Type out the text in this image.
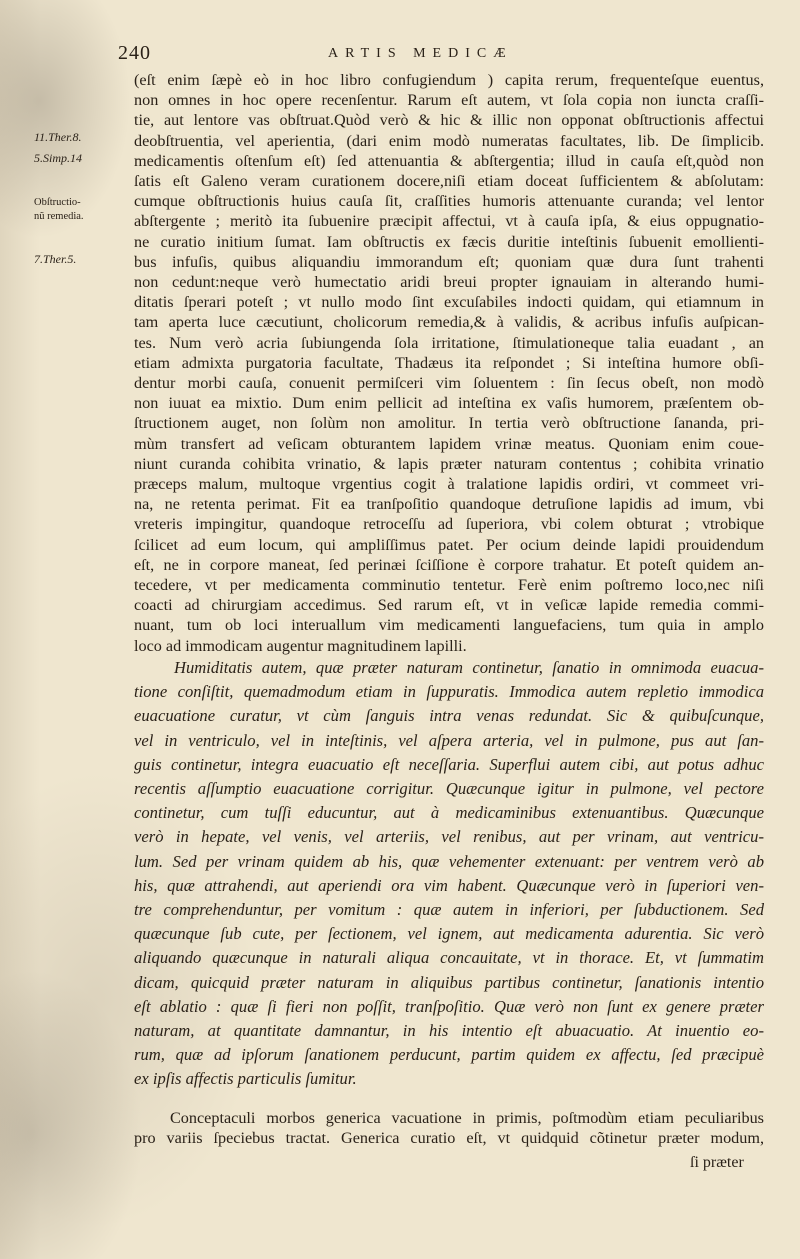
240	ARTIS MEDICÆ
11.Ther.8.
5.Simp.14
Obſtructio-
nũ remedia.
7.Ther.5.
(eſt enim ſæpè eò in hoc libro confugiendum ) capita rerum, frequenteſque euentus,
non omnes in hoc opere recenſentur. Rarum eſt autem, vt ſola copia non iuncta craſſi-
tie, aut lentore vas obſtruat.Quòd verò & hic & illic non opponat obſtructionis affectui
deobſtruentia, vel aperientia, (dari enim modò numeratas facultates, lib. De ſimplicib.
medicamentis oſtenſum eſt) ſed attenuantia & abſtergentia; illud in cauſa eſt,quòd non
ſatis eſt Galeno veram curationem docere,niſi etiam doceat ſufficientem & abſolutam:
cumque obſtructionis huius cauſa ſit, craſſities humoris attenuante curanda; vel lentor
abſtergente ; meritò ita ſubuenire præcipit affectui, vt à cauſa ipſa, & eius oppugnatio-
ne curatio initium ſumat. Iam obſtructis ex fæcis duritie inteſtinis ſubuenit emollienti-
bus infuſis, quibus aliquandiu immorandum eſt; quoniam quæ dura ſunt trahenti
non cedunt:neque verò humectatio aridi breui propter ignauiam in alterando humi-
ditatis ſperari poteſt ; vt nullo modo ſint excuſabiles indocti quidam, qui etiamnum in
tam aperta luce cæcutiunt, cholicorum remedia,& à validis, & acribus infuſis auſpican-
tes. Num verò acria ſubiungenda ſola irritatione, ſtimulationeque talia euadant , an
etiam admixta purgatoria facultate, Thadæus ita reſpondet ; Si inteſtina humore obſi-
dentur morbi cauſa, conuenit permiſceri vim ſoluentem : ſin ſecus obeſt, non modò
non iuuat ea mixtio. Dum enim pellicit ad inteſtina ex vaſis humorem, præſentem ob-
ſtructionem auget, non ſolùm non amolitur. In tertia verò obſtructione ſananda, pri-
mùm transfert ad veſicam obturantem lapidem vrinæ meatus. Quoniam enim coue-
niunt curanda cohibita vrinatio, & lapis præter naturam contentus ; cohibita vrinatio
præceps malum, multoque vrgentius cogit à tralatione lapidis ordiri, vt commeet vri-
na, ne retenta perimat. Fit ea tranſpoſitio quandoque detruſione lapidis ad imum, vbi
vreteris impingitur, quandoque retroceſſu ad ſuperiora, vbi colem obturat ; vtrobique
ſcilicet ad eum locum, qui ampliſſimus patet. Per ocium deinde lapidi prouidendum
eſt, ne in corpore maneat, ſed perinæi ſciſſione è corpore trahatur. Et poteſt quidem an-
tecedere, vt per medicamenta comminutio tentetur. Ferè enim poſtremo loco,nec niſi
coacti ad chirurgiam accedimus. Sed rarum eſt, vt in veſicæ lapide remedia commi-
nuant, tum ob loci interuallum vim medicamenti languefaciens, tum quia in amplo
loco ad immodicam augentur magnitudinem lapilli.
Humiditatis autem, quæ præter naturam continetur, ſanatio in omnimoda euacua-
tione conſiſtit, quemadmodum etiam in ſuppuratis. Immodica autem repletio immodica
euacuatione curatur, vt cùm ſanguis intra venas redundat. Sic & quibuſcunque,
vel in ventriculo, vel in inteſtinis, vel aſpera arteria, vel in pulmone, pus aut ſan-
guis continetur, integra euacuatio eſt neceſſaria. Superflui autem cibi, aut potus adhuc
recentis aſſumptio euacuatione corrigitur. Quæcunque igitur in pulmone, vel pectore
continetur, cum tuſſi educuntur, aut à medicaminibus extenuantibus. Quæcunque
verò in hepate, vel venis, vel arteriis, vel renibus, aut per vrinam, aut ventricu-
lum. Sed per vrinam quidem ab his, quæ vehementer extenuant: per ventrem verò ab
his, quæ attrahendi, aut aperiendi ora vim habent. Quæcunque verò in ſuperiori ven-
tre comprehenduntur, per vomitum : quæ autem in inferiori, per ſubductionem. Sed
quæcunque ſub cute, per ſectionem, vel ignem, aut medicamenta adurentia. Sic verò
aliquando quæcunque in naturali aliqua concauitate, vt in thorace. Et, vt ſummatim
dicam, quicquid præter naturam in aliquibus partibus continetur, ſanationis intentio
eſt ablatio : quæ ſi fieri non poſſit, tranſpoſitio. Quæ verò non ſunt ex genere præter
naturam, at quantitate damnantur, in his intentio eſt abuacuatio. At inuentio eo-
rum, quæ ad ipſorum ſanationem perducunt, partim quidem ex affectu, ſed præcipuè
ex ipſis affectis particulis ſumitur.
Conceptaculi morbos generica vacuatione in primis, poſtmodùm etiam peculiaribus
pro variis ſpeciebus tractat. Generica curatio eſt, vt quidquid cõtinetur præter modum,
ſi præter
